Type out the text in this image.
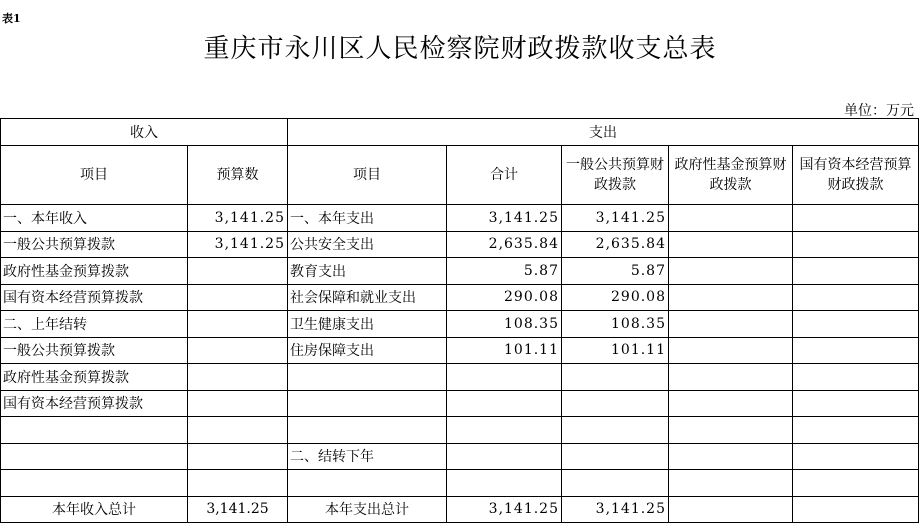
表1
重庆市永川区人民检察院财政拨款收支总表
单位：万元
收入		支出				
项目	预算数	项目	合计	一般公共预算财政拨款	政府性基金预算财政拨款	国有资本经营预算财政拨款
一、本年收入	3,141.25	一、本年支出	3,141.25	3,141.25		
一般公共预算拨款	3,141.25	公共安全支出	2,635.84	2,635.84		
政府性基金预算拨款		教育支出	5.87	5.87		
国有资本经营预算拨款		社会保障和就业支出	290.08	290.08		
二、上年结转		卫生健康支出	108.35	108.35		
一般公共预算拨款		住房保障支出	101.11	101.11		
政府性基金预算拨款						
国有资本经营预算拨款						

		二、结转下年				

本年收入总计	3,141.25	本年支出总计	3,141.25	3,141.25		
